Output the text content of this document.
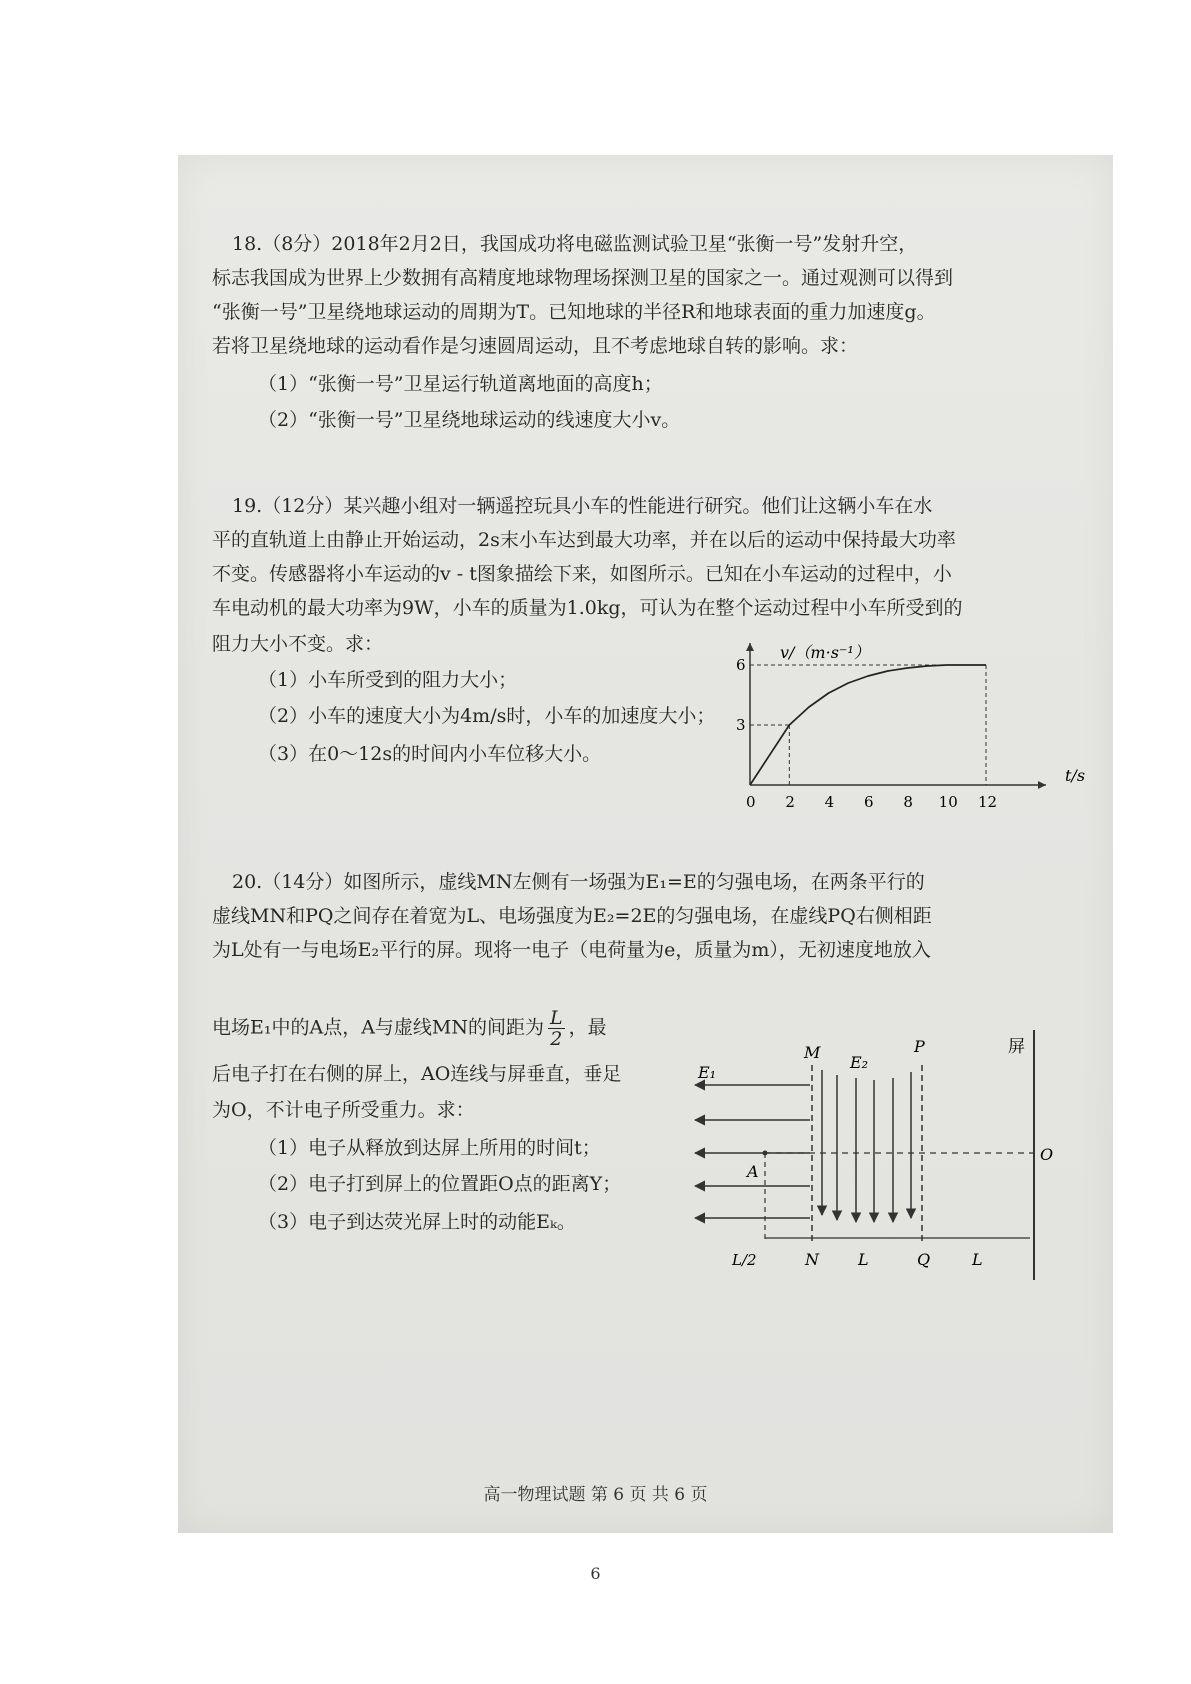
18.（8分）2018年2月2日，我国成功将电磁监测试验卫星“张衡一号”发射升空，
标志我国成为世界上少数拥有高精度地球物理场探测卫星的国家之一。通过观测可以得到
“张衡一号”卫星绕地球运动的周期为T。已知地球的半径R和地球表面的重力加速度g。
若将卫星绕地球的运动看作是匀速圆周运动，且不考虑地球自转的影响。求：
（1）“张衡一号”卫星运行轨道离地面的高度h；
（2）“张衡一号”卫星绕地球运动的线速度大小v。
19.（12分）某兴趣小组对一辆遥控玩具小车的性能进行研究。他们让这辆小车在水
平的直轨道上由静止开始运动，2s末小车达到最大功率，并在以后的运动中保持最大功率
不变。传感器将小车运动的v - t图象描绘下来，如图所示。已知在小车运动的过程中，小
车电动机的最大功率为9W，小车的质量为1.0kg，可认为在整个运动过程中小车所受到的
阻力大小不变。求：
（1）小车所受到的阻力大小；
（2）小车的速度大小为4m/s时，小车的加速度大小；
（3）在0～12s的时间内小车位移大小。
0 2 4 6 8 10 12
3
6
v/（m·s⁻¹）
t/s
20.（14分）如图所示，虚线MN左侧有一场强为E₁=E的匀强电场，在两条平行的
虚线MN和PQ之间存在着宽为L、电场强度为E₂=2E的匀强电场，在虚线PQ右侧相距
为L处有一与电场E₂平行的屏。现将一电子（电荷量为e，质量为m），无初速度地放入
电场E₁中的A点，A与虚线MN的间距为 $\frac{L}{2}$ ，最
后电子打在右侧的屏上，AO连线与屏垂直，垂足
为O，不计电子所受重力。求：
（1）电子从释放到达屏上所用的时间t；
（2）电子打到屏上的位置距O点的距离Y；
（3）电子到达荧光屏上时的动能Eₖ。
M	P	屏
E₁
E₂
O
A
L/2	N L	Q	L
高一物理试题 第 6 页 共 6 页
6
